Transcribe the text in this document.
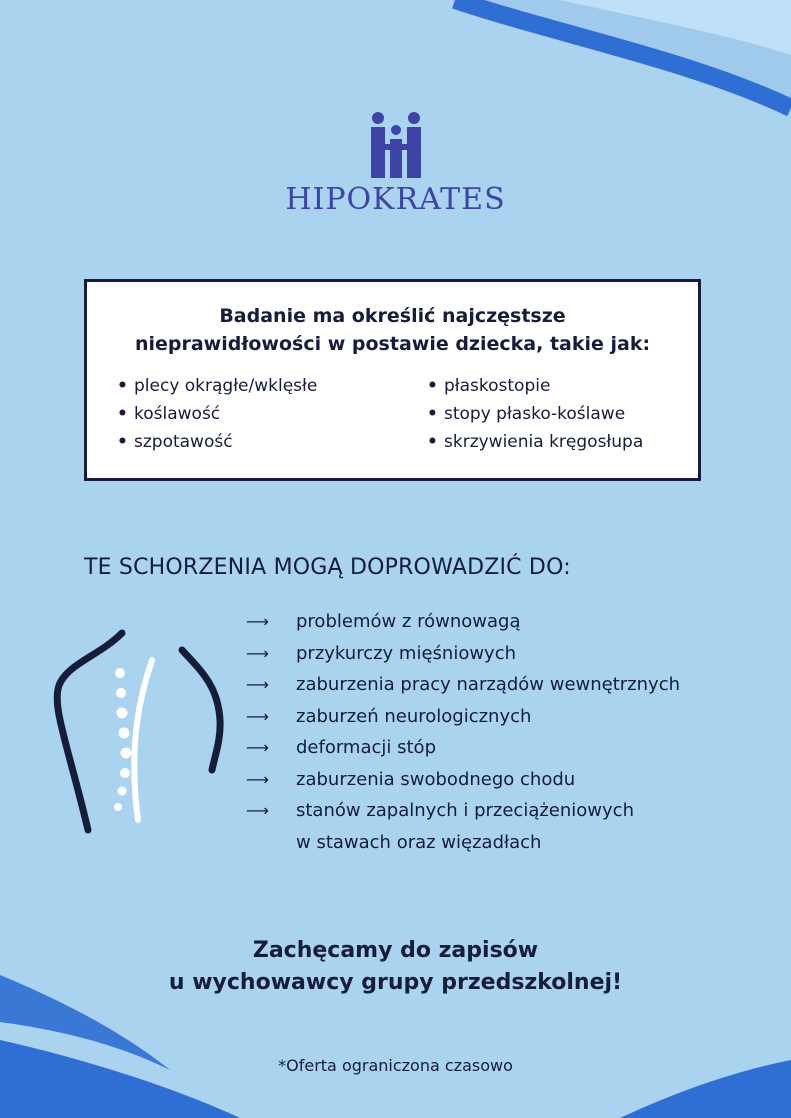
HIPOKRATES

Badanie ma określić najczęstsze
nieprawidłowości w postawie dziecka, takie jak:

• plecy okrągłe/wklęsłe
• koślawość
• szpotawość
• płaskostopie
• stopy płasko-koślawe
• skrzywienia kręgosłupa
TE SCHORZENIA MOGĄ DOPROWADZIĆ DO:
⟶	problemów z równowagą
⟶	przykurczy mięśniowych
⟶	zaburzenia pracy narządów wewnętrznych
⟶	zaburzeń neurologicznych
⟶	deformacji stóp
⟶	zaburzenia swobodnego chodu
⟶	stanów zapalnych i przeciążeniowych
w stawach oraz więzadłach

Zachęcamy do zapisów
u wychowawcy grupy przedszkolnej!

*Oferta ograniczona czasowo
